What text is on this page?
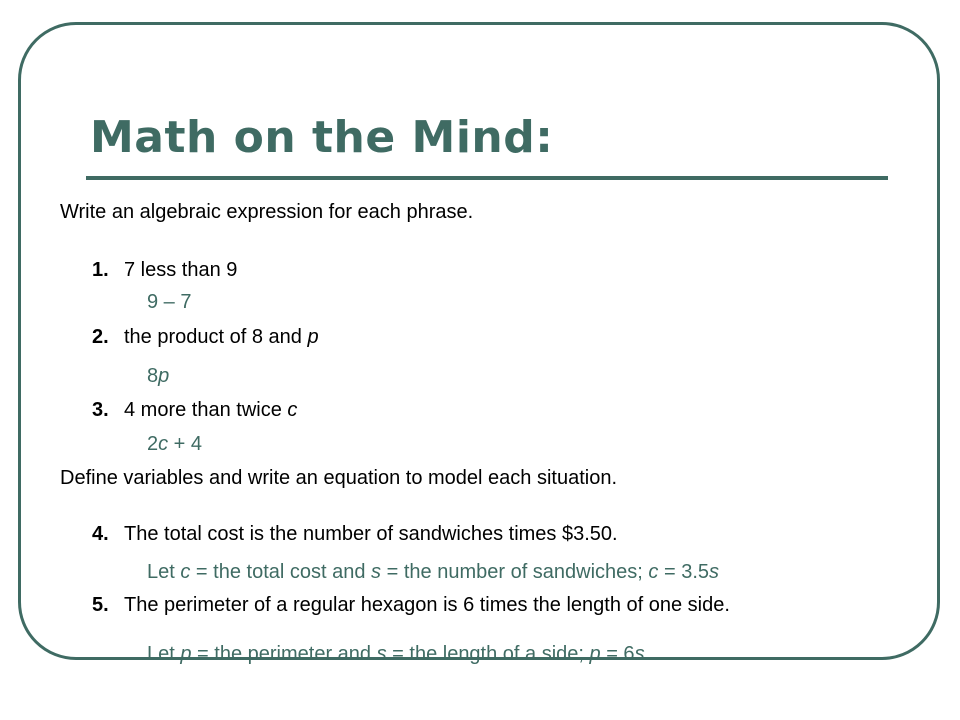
Math on the Mind:
Write an algebraic expression for each phrase.
1. 7 less than 9
9 – 7
2. the product of 8 and p
8p
3. 4 more than twice c
2c + 4
Define variables and write an equation to model each situation.
4. The total cost is the number of sandwiches times $3.50.
Let c = the total cost and s = the number of sandwiches; c = 3.5s
5. The perimeter of a regular hexagon is 6 times the length of one side.
Let p = the perimeter and s = the length of a side; p = 6s
